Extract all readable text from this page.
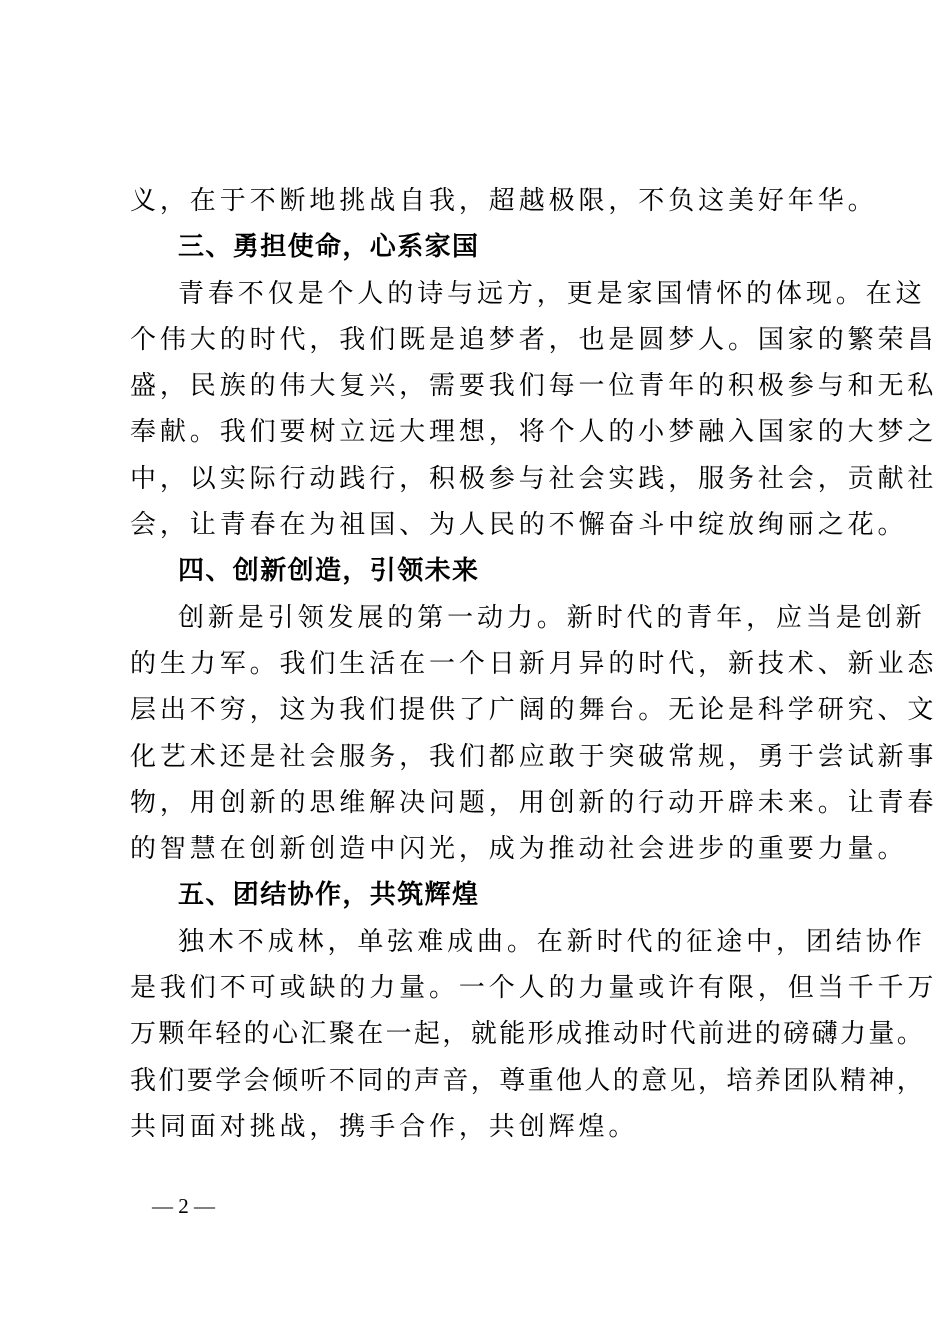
义，在于不断地挑战自我，超越极限，不负这美好年华。
三、勇担使命，心系家国
青春不仅是个人的诗与远方，更是家国情怀的体现。在这
个伟大的时代，我们既是追梦者，也是圆梦人。国家的繁荣昌
盛，民族的伟大复兴，需要我们每一位青年的积极参与和无私
奉献。我们要树立远大理想，将个人的小梦融入国家的大梦之
中，以实际行动践行，积极参与社会实践，服务社会，贡献社
会，让青春在为祖国、为人民的不懈奋斗中绽放绚丽之花。
四、创新创造，引领未来
创新是引领发展的第一动力。新时代的青年，应当是创新
的生力军。我们生活在一个日新月异的时代，新技术、新业态
层出不穷，这为我们提供了广阔的舞台。无论是科学研究、文
化艺术还是社会服务，我们都应敢于突破常规，勇于尝试新事
物，用创新的思维解决问题，用创新的行动开辟未来。让青春
的智慧在创新创造中闪光，成为推动社会进步的重要力量。
五、团结协作，共筑辉煌
独木不成林，单弦难成曲。在新时代的征途中，团结协作
是我们不可或缺的力量。一个人的力量或许有限，但当千千万
万颗年轻的心汇聚在一起，就能形成推动时代前进的磅礴力量。
我们要学会倾听不同的声音，尊重他人的意见，培养团队精神，
共同面对挑战，携手合作，共创辉煌。
— 2 —
